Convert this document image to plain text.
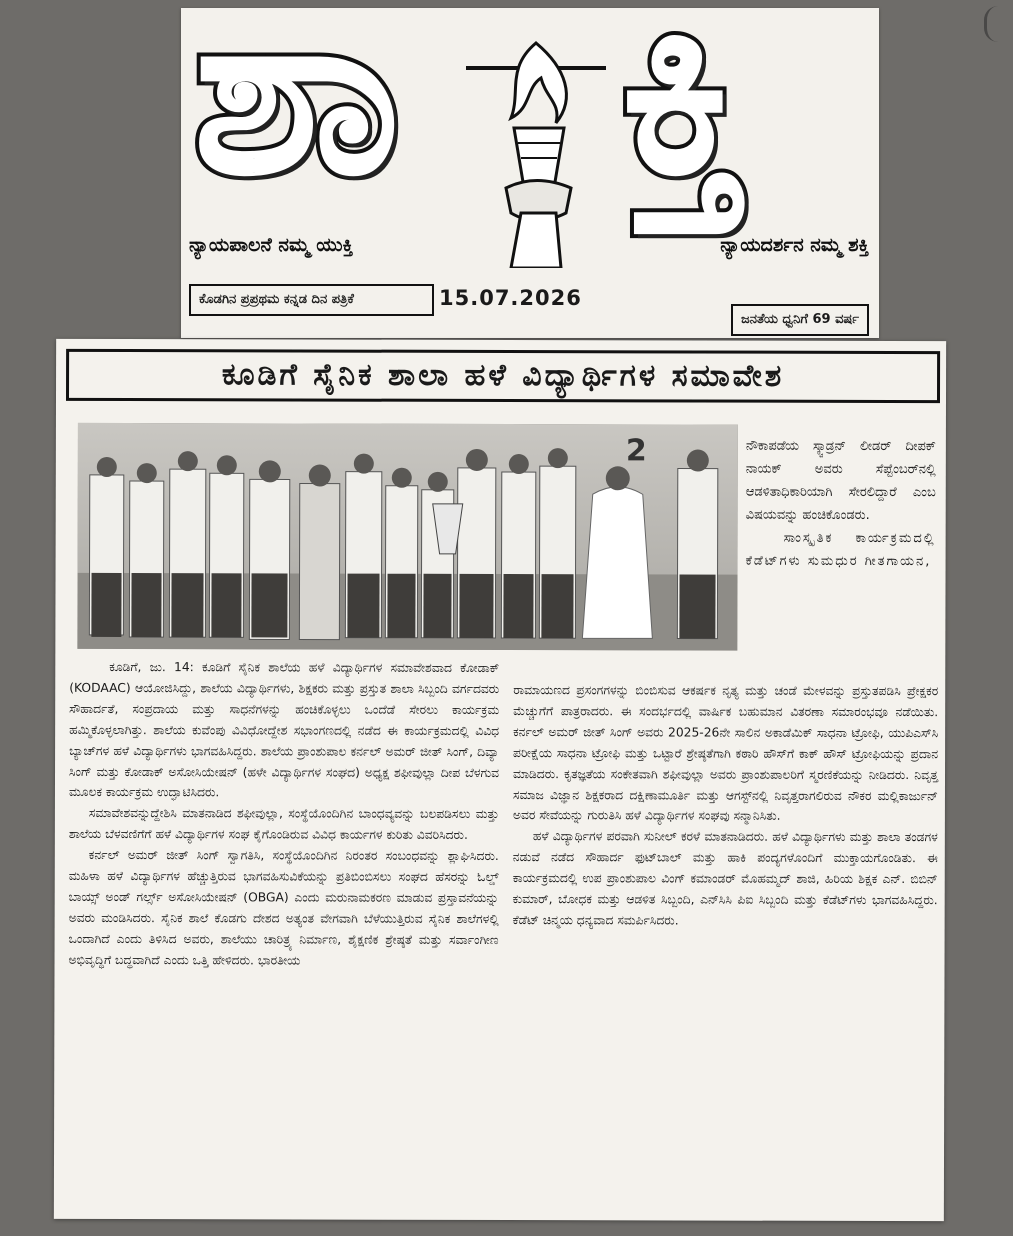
ಶಾ ಕ್ತಿ
ನ್ಯಾಯಪಾಲನೆ ನಮ್ಮ ಯುಕ್ತಿ	ನ್ಯಾಯದರ್ಶನ ನಮ್ಮ ಶಕ್ತಿ
ಕೊಡಗಿನ ಪ್ರಪ್ರಥಮ ಕನ್ನಡ ದಿನ ಪತ್ರಿಕೆ	15.07.2026
ಜನತೆಯ ಧ್ವನಿಗೆ 69 ವರ್ಷ
ಕೂಡಿಗೆ ಸೈನಿಕ ಶಾಲಾ ಹಳೆ ವಿದ್ಯಾರ್ಥಿಗಳ ಸಮಾವೇಶ
2	ನೌಕಾಪಡೆಯ ಸ್ಕ್ವಾಡ್ರನ್ ಲೀಡರ್ ದೀಪಕ್ ನಾಯಕ್ ಅವರು ಸೆಪ್ಟೆಂಬರ್‌ನಲ್ಲಿ ಆಡಳಿತಾಧಿಕಾರಿಯಾಗಿ ಸೇರಲಿದ್ದಾರೆ ಎಂಬ ವಿಷಯವನ್ನು ಹಂಚಿಕೊಂಡರು.

ಸಾಂಸ್ಕೃತಿಕ ಕಾರ್ಯಕ್ರಮದಲ್ಲಿ ಕೆಡೆಟ್‌ಗಳು ಸುಮಧುರ ಗೀತಗಾಯನ,

ಕೂಡಿಗೆ, ಜು. 14: ಕೂಡಿಗೆ ಸೈನಿಕ ಶಾಲೆಯ ಹಳೆ ವಿದ್ಯಾರ್ಥಿಗಳ ಸಮಾವೇಶವಾದ ಕೋಡಾಕ್ (KODAAC) ಆಯೋಜಿಸಿದ್ದು, ಶಾಲೆಯ ವಿದ್ಯಾರ್ಥಿಗಳು, ಶಿಕ್ಷಕರು ಮತ್ತು ಪ್ರಸ್ತುತ ಶಾಲಾ ಸಿಬ್ಬಂದಿ ವರ್ಗದವರು ಸೌಹಾರ್ದತೆ, ಸಂಪ್ರದಾಯ ಮತ್ತು ಸಾಧನೆಗಳನ್ನು ಹಂಚಿಕೊಳ್ಳಲು ಒಂದೆಡೆ ಸೇರಲು ಕಾರ್ಯಕ್ರಮ ಹಮ್ಮಿಕೊಳ್ಳಲಾಗಿತ್ತು. ಶಾಲೆಯ ಕುವೆಂಪು ವಿವಿಧೋದ್ದೇಶ ಸಭಾಂಗಣದಲ್ಲಿ ನಡೆದ ಈ ಕಾರ್ಯಕ್ರಮದಲ್ಲಿ ವಿವಿಧ ಬ್ಯಾಚ್‌ಗಳ ಹಳೆ ವಿದ್ಯಾರ್ಥಿಗಳು ಭಾಗವಹಿಸಿದ್ದರು. ಶಾಲೆಯ ಪ್ರಾಂಶುಪಾಲ ಕರ್ನಲ್ ಅಮರ್ ಜೀತ್ ಸಿಂಗ್, ದಿವ್ಯಾ ಸಿಂಗ್ ಮತ್ತು ಕೋಡಾಕ್ ಅಸೋಸಿಯೇಷನ್ (ಹಳೇ ವಿದ್ಯಾರ್ಥಿಗಳ ಸಂಘದ) ಅಧ್ಯಕ್ಷ ಶಫೀವುಲ್ಲಾ ದೀಪ ಬೆಳಗುವ ಮೂಲಕ ಕಾರ್ಯಕ್ರಮ ಉದ್ಘಾಟಿಸಿದರು.

ಸಮಾವೇಶವನ್ನುದ್ದೇಶಿಸಿ ಮಾತನಾಡಿದ ಶಫೀವುಲ್ಲಾ, ಸಂಸ್ಥೆಯೊಂದಿಗಿನ ಬಾಂಧವ್ಯವನ್ನು ಬಲಪಡಿಸಲು ಮತ್ತು ಶಾಲೆಯ ಬೆಳವಣಿಗೆಗೆ ಹಳೆ ವಿದ್ಯಾರ್ಥಿಗಳ ಸಂಘ ಕೈಗೊಂಡಿರುವ ವಿವಿಧ ಕಾರ್ಯಗಳ ಕುರಿತು ವಿವರಿಸಿದರು.

ಕರ್ನಲ್ ಅಮರ್ ಜೀತ್ ಸಿಂಗ್ ಸ್ವಾಗತಿಸಿ, ಸಂಸ್ಥೆಯೊಂದಿಗಿನ ನಿರಂತರ ಸಂಬಂಧವನ್ನು ಶ್ಲಾಘಿಸಿದರು. ಮಹಿಳಾ ಹಳೆ ವಿದ್ಯಾರ್ಥಿಗಳ ಹೆಚ್ಚುತ್ತಿರುವ ಭಾಗವಹಿಸುವಿಕೆಯನ್ನು ಪ್ರತಿಬಿಂಬಿಸಲು ಸಂಘದ ಹೆಸರನ್ನು ಓಲ್ಡ್ ಬಾಯ್ಸ್ ಅಂಡ್ ಗರ್ಲ್ಸ್ ಅಸೋಸಿಯೇಷನ್ (OBGA) ಎಂದು ಮರುನಾಮಕರಣ ಮಾಡುವ ಪ್ರಸ್ತಾವನೆಯನ್ನು ಅವರು ಮಂಡಿಸಿದರು. ಸೈನಿಕ ಶಾಲೆ ಕೊಡಗು ದೇಶದ ಅತ್ಯಂತ ವೇಗವಾಗಿ ಬೆಳೆಯುತ್ತಿರುವ ಸೈನಿಕ ಶಾಲೆಗಳಲ್ಲಿ ಒಂದಾಗಿದೆ ಎಂದು ತಿಳಿಸಿದ ಅವರು, ಶಾಲೆಯು ಚಾರಿತ್ರ್ಯ ನಿರ್ಮಾಣ, ಶೈಕ್ಷಣಿಕ ಶ್ರೇಷ್ಠತೆ ಮತ್ತು ಸರ್ವಾಂಗೀಣ ಅಭಿವೃದ್ಧಿಗೆ ಬದ್ಧವಾಗಿದೆ ಎಂದು ಒತ್ತಿ ಹೇಳಿದರು. ಭಾರತೀಯ

ರಾಮಾಯಣದ ಪ್ರಸಂಗಗಳನ್ನು ಬಿಂಬಿಸುವ ಆಕರ್ಷಕ ನೃತ್ಯ ಮತ್ತು ಚಂಡೆ ಮೇಳವನ್ನು ಪ್ರಸ್ತುತಪಡಿಸಿ ಪ್ರೇಕ್ಷಕರ ಮೆಚ್ಚುಗೆಗೆ ಪಾತ್ರರಾದರು. ಈ ಸಂದರ್ಭದಲ್ಲಿ ವಾರ್ಷಿಕ ಬಹುಮಾನ ವಿತರಣಾ ಸಮಾರಂಭವೂ ನಡೆಯಿತು. ಕರ್ನಲ್ ಅಮರ್ ಜೀತ್ ಸಿಂಗ್ ಅವರು 2025-26ನೇ ಸಾಲಿನ ಅಕಾಡೆಮಿಕ್ ಸಾಧನಾ ಟ್ರೋಫಿ, ಯುಪಿಎಸ್‌ಸಿ ಪರೀಕ್ಷೆಯ ಸಾಧನಾ ಟ್ರೋಫಿ ಮತ್ತು ಒಟ್ಟಾರೆ ಶ್ರೇಷ್ಠತೆಗಾಗಿ ಕಠಾರಿ ಹೌಸ್‌ಗೆ ಕಾಕ್ ಹೌಸ್ ಟ್ರೋಫಿಯನ್ನು ಪ್ರದಾನ ಮಾಡಿದರು. ಕೃತಜ್ಞತೆಯ ಸಂಕೇತವಾಗಿ ಶಫೀವುಲ್ಲಾ ಅವರು ಪ್ರಾಂಶುಪಾಲರಿಗೆ ಸ್ಮರಣಿಕೆಯನ್ನು ನೀಡಿದರು. ನಿವೃತ್ತ ಸಮಾಜ ವಿಜ್ಞಾನ ಶಿಕ್ಷಕರಾದ ದಕ್ಷಿಣಾಮೂರ್ತಿ ಮತ್ತು ಆಗಸ್ಟ್‌ನಲ್ಲಿ ನಿವೃತ್ತರಾಗಲಿರುವ ನೌಕರ ಮಲ್ಲಿಕಾರ್ಜುನ್ ಅವರ ಸೇವೆಯನ್ನು ಗುರುತಿಸಿ ಹಳೆ ವಿದ್ಯಾರ್ಥಿಗಳ ಸಂಘವು ಸನ್ಮಾನಿಸಿತು.

ಹಳೆ ವಿದ್ಯಾರ್ಥಿಗಳ ಪರವಾಗಿ ಸುನೀಲ್ ಕರಳೆ ಮಾತನಾಡಿದರು. ಹಳೆ ವಿದ್ಯಾರ್ಥಿಗಳು ಮತ್ತು ಶಾಲಾ ತಂಡಗಳ ನಡುವೆ ನಡೆದ ಸೌಹಾರ್ದ ಫುಟ್‌ಬಾಲ್ ಮತ್ತು ಹಾಕಿ ಪಂದ್ಯಗಳೊಂದಿಗೆ ಮುಕ್ತಾಯಗೊಂಡಿತು. ಈ ಕಾರ್ಯಕ್ರಮದಲ್ಲಿ ಉಪ ಪ್ರಾಂಶುಪಾಲ ವಿಂಗ್ ಕಮಾಂಡರ್ ಮೊಹಮ್ಮದ್ ಶಾಜಿ, ಹಿರಿಯ ಶಿಕ್ಷಕ ಎನ್. ಬಿಬಿನ್ ಕುಮಾರ್, ಬೋಧಕ ಮತ್ತು ಆಡಳಿತ ಸಿಬ್ಬಂದಿ, ಎನ್‌ಸಿಸಿ ಪಿಐ ಸಿಬ್ಬಂದಿ ಮತ್ತು ಕೆಡೆಟ್‌ಗಳು ಭಾಗವಹಿಸಿದ್ದರು. ಕೆಡೆಟ್ ಚಿನ್ಮಯ ಧನ್ಯವಾದ ಸಮರ್ಪಿಸಿದರು.
